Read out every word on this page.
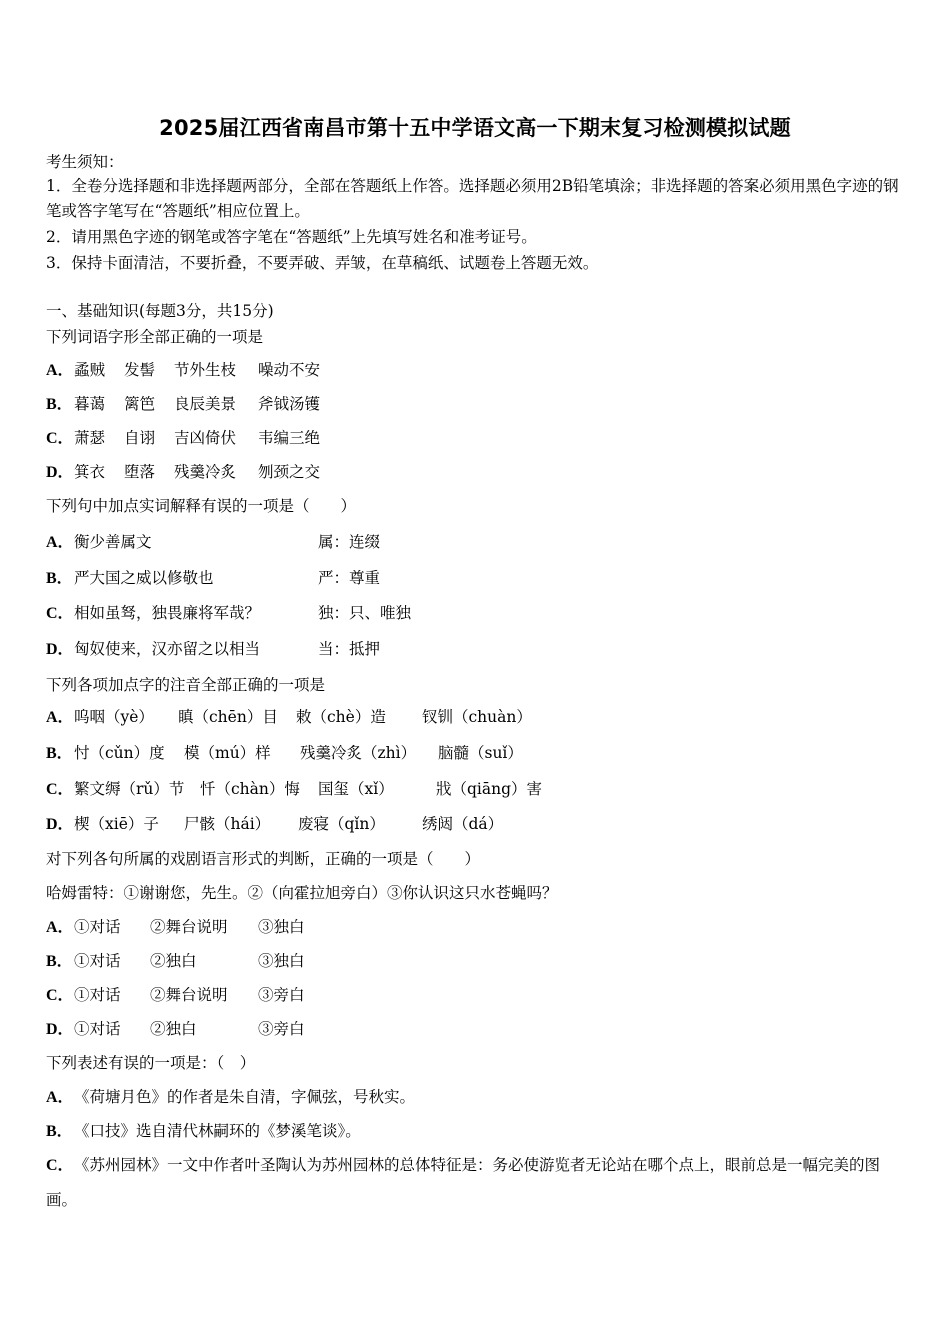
2025届江西省南昌市第十五中学语文高一下期末复习检测模拟试题
考生须知：
1．全卷分选择题和非选择题两部分，全部在答题纸上作答。选择题必须用2B铅笔填涂；非选择题的答案必须用黑色字迹的钢笔或答字笔写在“答题纸”相应位置上。
2．请用黑色字迹的钢笔或答字笔在“答题纸”上先填写姓名和准考证号。
3．保持卡面清洁，不要折叠，不要弄破、弄皱，在草稿纸、试题卷上答题无效。
一、基础知识(每题3分，共15分)
下列词语字形全部正确的一项是
A．蟊贼 发髻 节外生枝 噪动不安
B．暮蔼 篱笆 良辰美景 斧钺汤镬
C．萧瑟 自诩 吉凶倚伏 韦编三绝
D．箕衣 堕落 残羹冷炙 刎颈之交
下列句中加点实词解释有误的一项是（　　）
A．衡少善属文	属：连缀
B．严大国之威以修敬也	严：尊重
C．相如虽驽，独畏廉将军哉？	独：只、唯独
D．匈奴使来，汉亦留之以相当	当：抵押
下列各项加点字的注音全部正确的一项是
A．呜咽（yè） 瞋（chēn）目 敕（chè）造 钗钏（chuàn）
B．忖（cǔn）度 模（mú）样 残羹冷炙（zhì） 脑髓（suǐ）
C．繁文缛（rǔ）节 忏（chàn）悔 国玺（xǐ）	戕（qiāng）害
D．楔（xiē）子 尸骸（hái） 废寝（qǐn） 绣闼（dá）
对下列各句所属的戏剧语言形式的判断，正确的一项是（　　）
哈姆雷特：①谢谢您，先生。②（向霍拉旭旁白）③你认识这只水苍蝇吗？
A．①对话 ②舞台说明 ③独白
B．①对话 ②独白	③独白
C．①对话 ②舞台说明 ③旁白
D．①对话 ②独白	③旁白
下列表述有误的一项是：（　）
A．《荷塘月色》的作者是朱自清，字佩弦，号秋实。
B．《口技》选自清代林嗣环的《梦溪笔谈》。
C．《苏州园林》一文中作者叶圣陶认为苏州园林的总体特征是：务必使游览者无论站在哪个点上，眼前总是一幅完美的图画。
